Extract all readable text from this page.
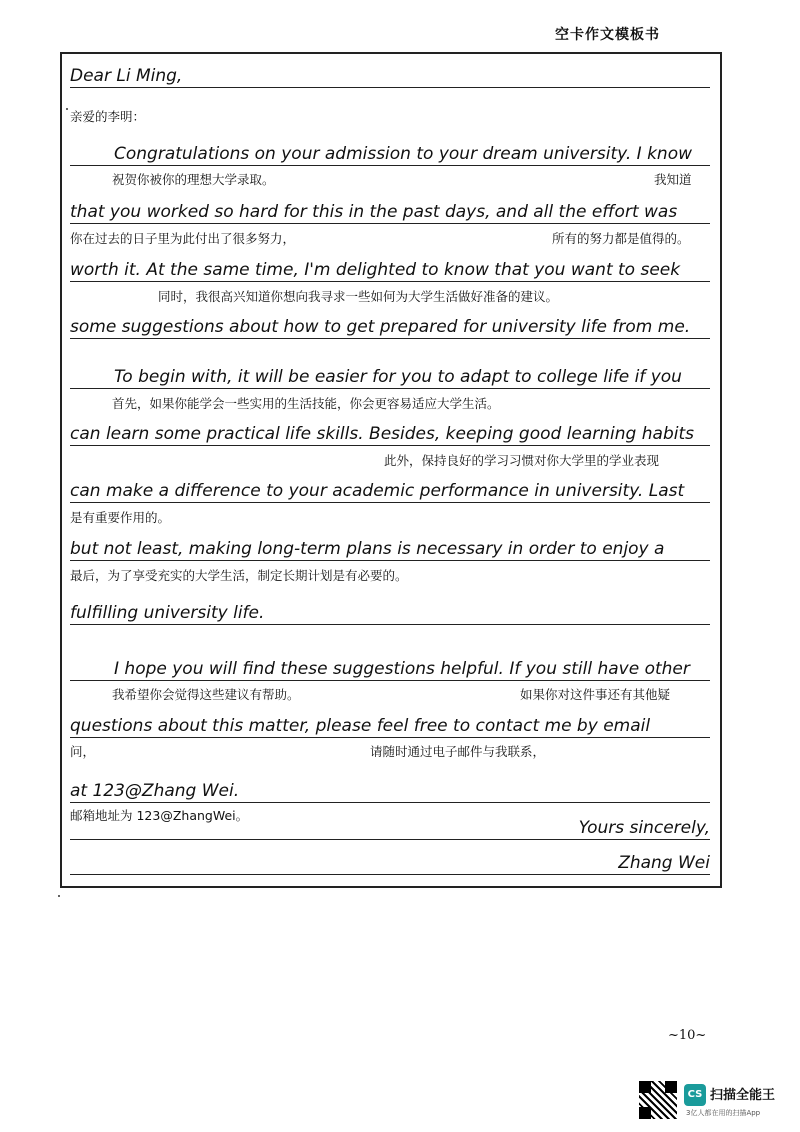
空卡作文模板书
Dear Li Ming,
亲爱的李明：
Congratulations on your admission to your dream university. I know
祝贺你被你的理想大学录取。	我知道
that you worked so hard for this in the past days, and all the effort was
你在过去的日子里为此付出了很多努力，	所有的努力都是值得的。
worth it. At the same time, I'm delighted to know that you want to seek
同时，我很高兴知道你想向我寻求一些如何为大学生活做好准备的建议。
some suggestions about how to get prepared for university life from me.
To begin with, it will be easier for you to adapt to college life if you
首先，如果你能学会一些实用的生活技能，你会更容易适应大学生活。
can learn some practical life skills. Besides, keeping good learning habits
此外，保持良好的学习习惯对你大学里的学业表现
can make a difference to your academic performance in university. Last
是有重要作用的。
but not least, making long-term plans is necessary in order to enjoy a
最后，为了享受充实的大学生活，制定长期计划是有必要的。
fulfilling university life.
I hope you will find these suggestions helpful. If you still have other
我希望你会觉得这些建议有帮助。	如果你对这件事还有其他疑
questions about this matter, please feel free to contact me by email
问，	请随时通过电子邮件与我联系，
at 123@Zhang Wei.
邮箱地址为 123@ZhangWei。
Yours sincerely,
Zhang Wei
~10~
CS 扫描全能王
3亿人都在用的扫描App
